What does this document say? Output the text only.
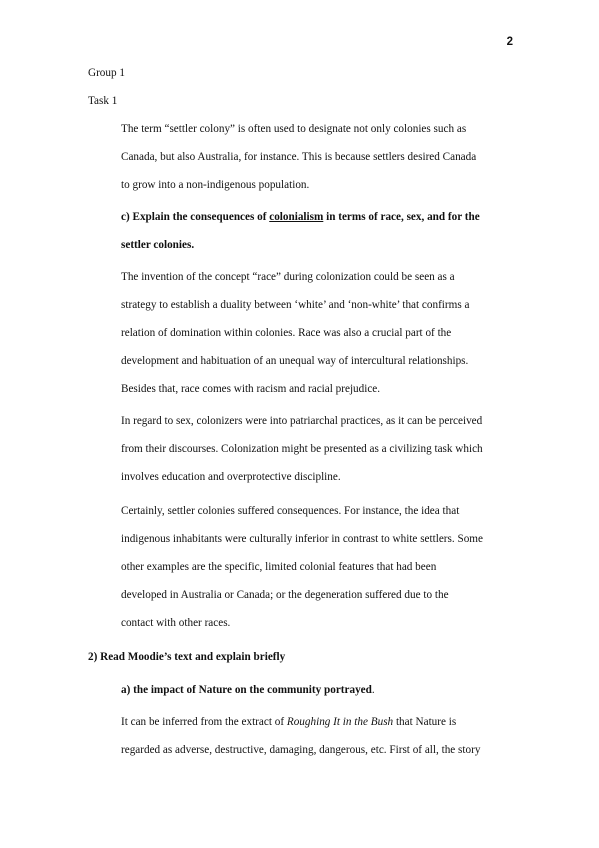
2
Group 1
Task 1
The term “settler colony” is often used to designate not only colonies such as
Canada, but also Australia, for instance. This is because settlers desired Canada
to grow into a non-indigenous population.
c) Explain the consequences of colonialism in terms of race, sex, and for the
settler colonies.
The invention of the concept “race” during colonization could be seen as a
strategy to establish a duality between ‘white’ and ‘non-white’ that confirms a
relation of domination within colonies. Race was also a crucial part of the
development and habituation of an unequal way of intercultural relationships.
Besides that, race comes with racism and racial prejudice.
In regard to sex, colonizers were into patriarchal practices, as it can be perceived
from their discourses. Colonization might be presented as a civilizing task which
involves education and overprotective discipline.
Certainly, settler colonies suffered consequences. For instance, the idea that
indigenous inhabitants were culturally inferior in contrast to white settlers. Some
other examples are the specific, limited colonial features that had been
developed in Australia or Canada; or the degeneration suffered due to the
contact with other races.
2) Read Moodie’s text and explain briefly
a) the impact of Nature on the community portrayed.
It can be inferred from the extract of Roughing It in the Bush that Nature is
regarded as adverse, destructive, damaging, dangerous, etc. First of all, the story
